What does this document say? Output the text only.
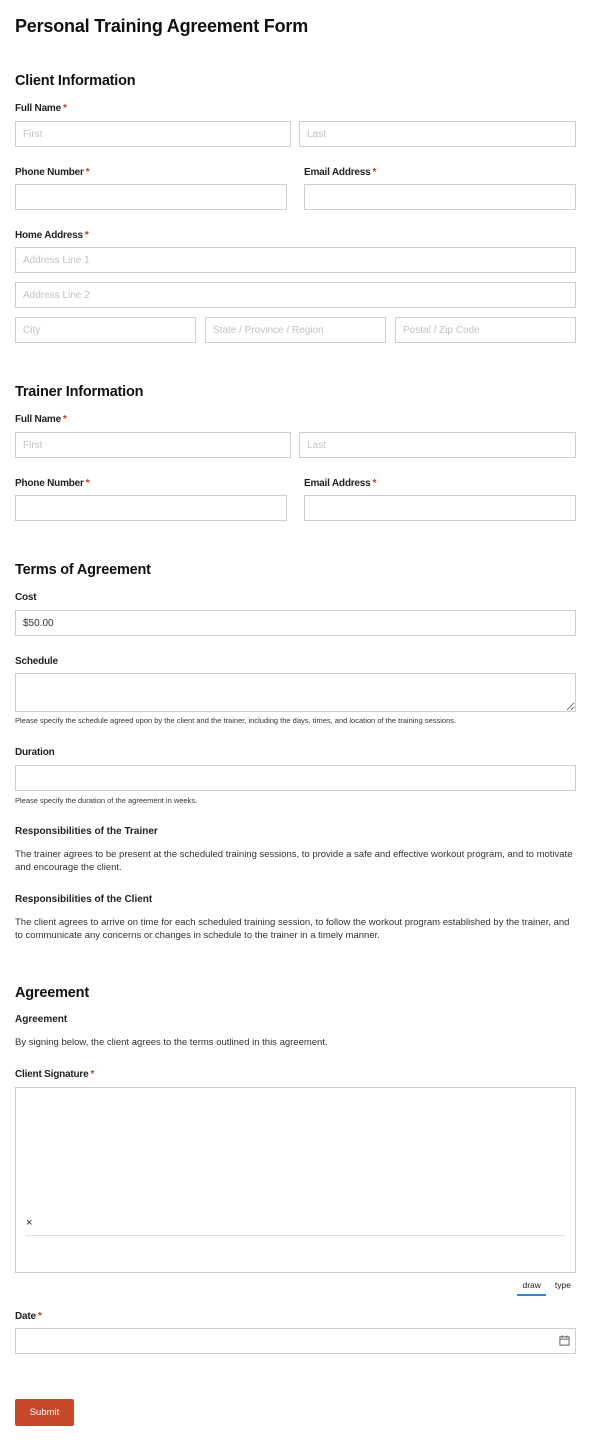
Personal Training Agreement Form
Client Information
Full Name *
First
Last
Phone Number *	Email Address *
Home Address *
Address Line 1
Address Line 2
City
State / Province / Region
Postal / Zip Code
Trainer Information
Full Name *
First
Last
Phone Number *	Email Address *
Terms of Agreement
Cost
$50.00
Schedule
Please specify the schedule agreed upon by the client and the trainer, including the days, times, and location of the training sessions.
Duration
Please specify the duration of the agreement in weeks.
Responsibilities of the Trainer
The trainer agrees to be present at the scheduled training sessions, to provide a safe and effective workout program, and to motivate and encourage the client.
Responsibilities of the Client
The client agrees to arrive on time for each scheduled training session, to follow the workout program established by the trainer, and to communicate any concerns or changes in schedule to the trainer in a timely manner.
Agreement
Agreement
By signing below, the client agrees to the terms outlined in this agreement.
Client Signature *
×
draw type
Date *
Submit
